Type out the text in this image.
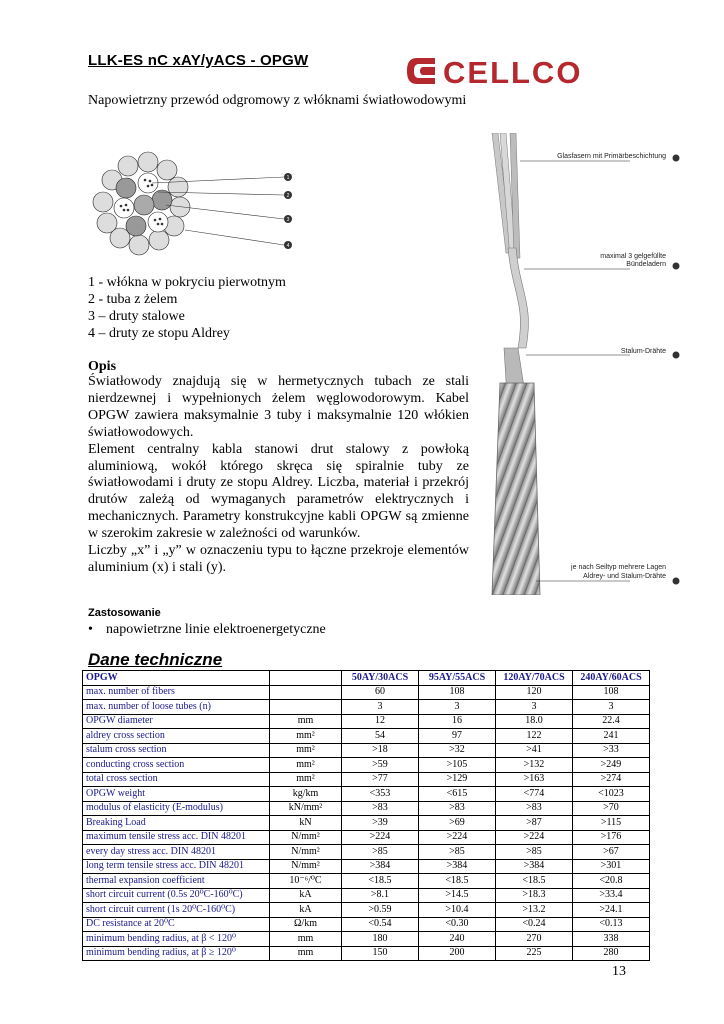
LLK-ES nC xAY/yACS - OPGW	CELLCO
Napowietrzny przewód odgromowy z włóknami światłowodowymi
1
2
3
4
1 - włókna w pokryciu pierwotnym
2 - tuba z żelem
3 – druty stalowe
4 – druty ze stopu Aldrey
Opis

Światłowody znajdują się w hermetycznych tubach ze stali nierdzewnej i wypełnionych żelem węglowodorowym. Kabel OPGW zawiera maksymalnie 3 tuby i maksymalnie 120 włókien światłowodowych.

Element centralny kabla stanowi drut stalowy z powłoką aluminiową, wokół którego skręca się spiralnie tuby ze światłowodami i druty ze stopu Aldrey. Liczba, materiał i przekrój drutów zależą od wymaganych parametrów elektrycznych i mechanicznych. Parametry konstrukcyjne kabli OPGW są zmienne w szerokim zakresie w zależności od warunków.

Liczby „x” i „y” w oznaczeniu typu to łączne przekroje elementów aluminium (x) i stali (y).

Glasfasern mit Primärbeschichtung
maximal 3 gelgefüllte
Bündeladern
Stalum-Drähte
je nach Seiltyp mehrere Lagen
Aldrey- und Stalum-Drähte
Zastosowanie
• napowietrzne linie elektroenergetyczne
Dane techniczne
OPGW		50AY/30ACS	95AY/55ACS	120AY/70ACS	240AY/60ACS
max. number of fibers		60	108	120	108
max. number of loose tubes (n)		3	3	3	3
OPGW diameter	mm	12	16	18.0	22.4
aldrey cross section	mm²	54	97	122	241
stalum cross section	mm²	>18	>32	>41	>33
conducting cross section	mm²	>59	>105	>132	>249
total cross section	mm²	>77	>129	>163	>274
OPGW weight	kg/km	<353	<615	<774	<1023
modulus of elasticity (E-modulus)	kN/mm²	>83	>83	>83	>70
Breaking Load	kN	>39	>69	>87	>115
maximum tensile stress acc. DIN 48201	N/mm²	>224	>224	>224	>176
every day stress acc. DIN 48201	N/mm²	>85	>85	>85	>67
long term tensile stress acc. DIN 48201	N/mm²	>384	>384	>384	>301
thermal expansion coefficient	10⁻⁶/⁰C	<18.5	<18.5	<18.5	<20.8
short circuit current (0.5s 20⁰C-160⁰C)	kA	>8.1	>14.5	>18.3	>33.4
short circuit current (1s 20⁰C-160⁰C)	kA	>0.59	>10.4	>13.2	>24.1
DC resistance at 20⁰C	Ω/km	<0.54	<0.30	<0.24	<0.13
minimum bending radius, at β < 120⁰	mm	180	240	270	338
minimum bending radius, at β ≥ 120⁰	mm	150	200	225	280
13
